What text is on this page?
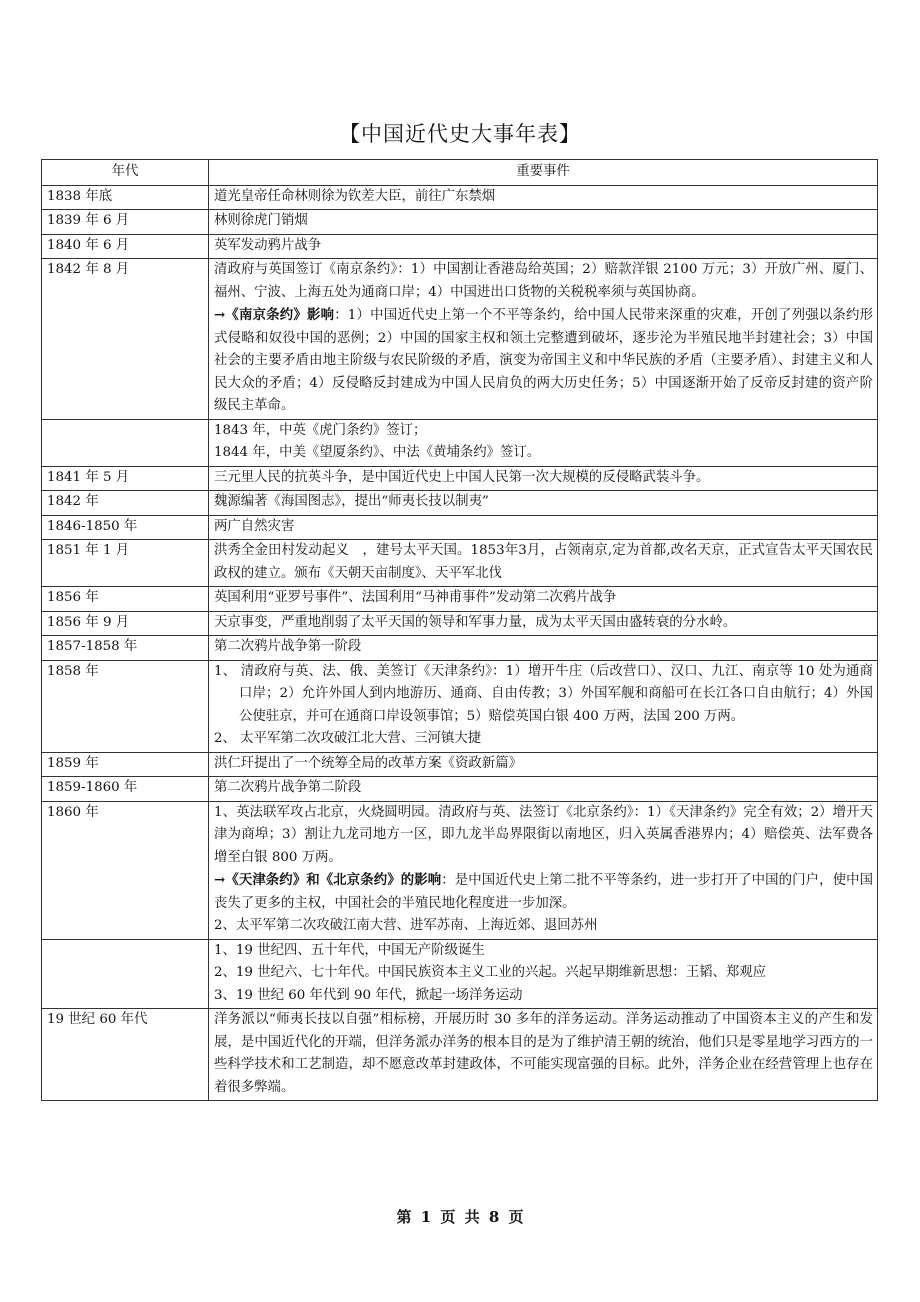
【中国近代史大事年表】
年代	重要事件
1838 年底	道光皇帝任命林则徐为钦差大臣，前往广东禁烟

1839 年 6 月	林则徐虎门销烟

1840 年 6 月	英军发动鸦片战争

1842 年 8 月	清政府与英国签订《南京条约》：1）中国割让香港岛给英国；2）赔款洋银 2100 万元；3）开放广州、厦门、福州、宁波、上海五处为通商口岸；4）中国进出口货物的关税税率须与英国协商。
→《南京条约》影响：1）中国近代史上第一个不平等条约，给中国人民带来深重的灾难，开创了列强以条约形式侵略和奴役中国的恶例；2）中国的国家主权和领土完整遭到破坏，逐步沦为半殖民地半封建社会；3）中国社会的主要矛盾由地主阶级与农民阶级的矛盾，演变为帝国主义和中华民族的矛盾（主要矛盾）、封建主义和人民大众的矛盾；4）反侵略反封建成为中国人民肩负的两大历史任务；5）中国逐渐开始了反帝反封建的资产阶级民主革命。

	1843 年，中英《虎门条约》签订；
1844 年，中美《望厦条约》、中法《黄埔条约》签订。

1841 年 5 月	三元里人民的抗英斗争，是中国近代史上中国人民第一次大规模的反侵略武装斗争。

1842 年	魏源编著《海国图志》，提出“师夷长技以制夷”

1846-1850 年	两广自然灾害

1851 年 1 月	洪秀全金田村发动起义　，建号太平天国。1853年3月，占领南京,定为首都,改名天京，正式宣告太平天国农民政权的建立。颁布《天朝天亩制度》、天平军北伐

1856 年	英国利用“亚罗号事件”、法国利用“马神甫事件”发动第二次鸦片战争

1856 年 9 月	天京事变，严重地削弱了太平天国的领导和军事力量，成为太平天国由盛转衰的分水岭。

1857-1858 年	第二次鸦片战争第一阶段

1858 年	1、 清政府与英、法、俄、美签订《天津条约》：1）增开牛庄（后改营口）、汉口、九江、南京等 10 处为通商口岸；2）允许外国人到内地游历、通商、自由传教；3）外国军舰和商船可在长江各口自由航行；4）外国公使驻京，并可在通商口岸设领事馆；5）赔偿英国白银 400 万两，法国 200 万两。
2、 太平军第二次攻破江北大营、三河镇大捷

1859 年	洪仁玕提出了一个统筹全局的改革方案《资政新篇》

1859-1860 年	第二次鸦片战争第二阶段

1860 年	1、英法联军攻占北京，火烧圆明园。清政府与英、法签订《北京条约》：1）《天津条约》完全有效；2）增开天津为商埠；3）割让九龙司地方一区，即九龙半岛界限街以南地区，归入英属香港界内；4）赔偿英、法军费各增至白银 800 万两。
→《天津条约》和《北京条约》的影响：是中国近代史上第二批不平等条约，进一步打开了中国的门户，使中国丧失了更多的主权，中国社会的半殖民地化程度进一步加深。
2、太平军第二次攻破江南大营、进军苏南、上海近郊、退回苏州

	1、19 世纪四、五十年代，中国无产阶级诞生
2、19 世纪六、七十年代。中国民族资本主义工业的兴起。兴起早期维新思想：王韬、郑观应
3、19 世纪 60 年代到 90 年代，掀起一场洋务运动

19 世纪 60 年代	洋务派以“师夷长技以自强”相标榜，开展历时 30 多年的洋务运动。洋务运动推动了中国资本主义的产生和发展，是中国近代化的开端，但洋务派办洋务的根本目的是为了维护清王朝的统治，他们只是零星地学习西方的一些科学技术和工艺制造，却不愿意改革封建政体，不可能实现富强的目标。此外，洋务企业在经营管理上也存在着很多弊端。
第 1 页 共 8 页
